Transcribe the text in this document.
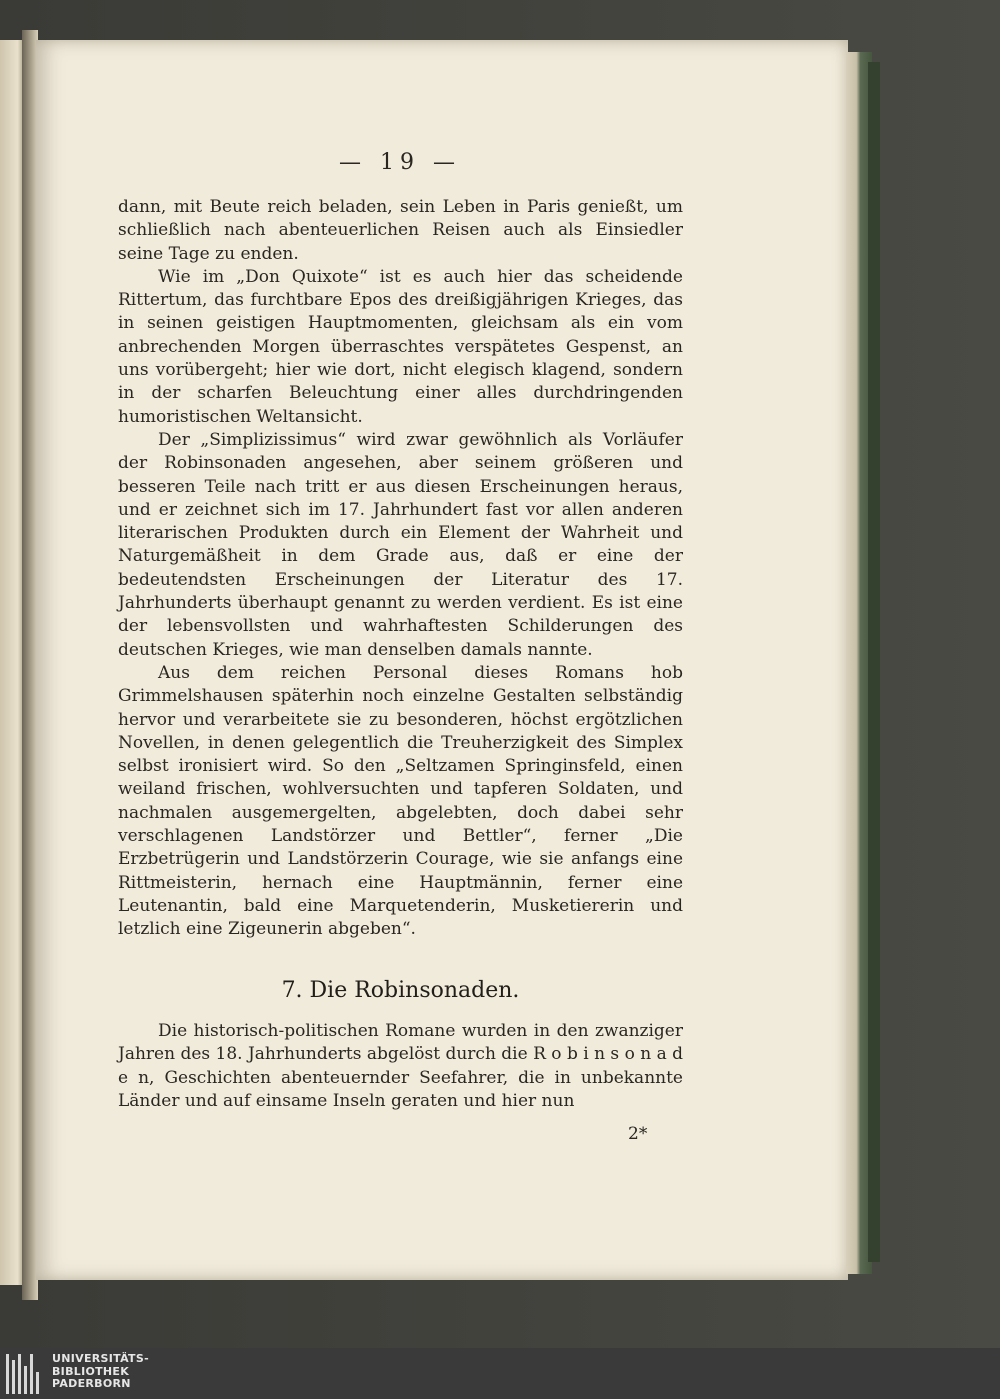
— 19 —

dann, mit Beute reich beladen, sein Leben in Paris genießt, um schließlich nach abenteuerlichen Reisen auch als Einsiedler seine Tage zu enden.

Wie im „Don Quixote“ ist es auch hier das scheidende Rittertum, das furchtbare Epos des dreißigjährigen Krieges, das in seinen geistigen Hauptmomenten, gleichsam als ein vom anbrechenden Morgen überraschtes verspätetes Gespenst, an uns vorübergeht; hier wie dort, nicht elegisch klagend, sondern in der scharfen Beleuchtung einer alles durchdringenden humoristischen Weltansicht.

Der „Simplizissimus“ wird zwar gewöhnlich als Vorläufer der Robinsonaden angesehen, aber seinem größeren und besseren Teile nach tritt er aus diesen Erscheinungen heraus, und er zeichnet sich im 17. Jahrhundert fast vor allen anderen literarischen Produkten durch ein Element der Wahrheit und Naturgemäßheit in dem Grade aus, daß er eine der bedeutendsten Erscheinungen der Literatur des 17. Jahrhunderts überhaupt genannt zu werden verdient. Es ist eine der lebensvollsten und wahrhaftesten Schilderungen des deutschen Krieges, wie man denselben damals nannte.

Aus dem reichen Personal dieses Romans hob Grimmelshausen späterhin noch einzelne Gestalten selbständig hervor und verarbeitete sie zu besonderen, höchst ergötzlichen Novellen, in denen gelegentlich die Treuherzigkeit des Simplex selbst ironisiert wird. So den „Seltzamen Springinsfeld, einen weiland frischen, wohlversuchten und tapferen Soldaten, und nachmalen ausgemergelten, abgelebten, doch dabei sehr verschlagenen Landstörzer und Bettler“, ferner „Die Erzbetrügerin und Landstörzerin Courage, wie sie anfangs eine Rittmeisterin, hernach eine Hauptmännin, ferner eine Leutenantin, bald eine Marquetenderin, Musketiererin und letzlich eine Zigeunerin abgeben“.

7. Die Robinsonaden.

Die historisch-politischen Romane wurden in den zwanziger Jahren des 18. Jahrhunderts abgelöst durch die R o b i n s o n a d e n, Geschichten abenteuernder Seefahrer, die in unbekannte Länder und auf einsame Inseln geraten und hier nun

2*
UNIVERSITÄTS-
BIBLIOTHEK
PADERBORN
